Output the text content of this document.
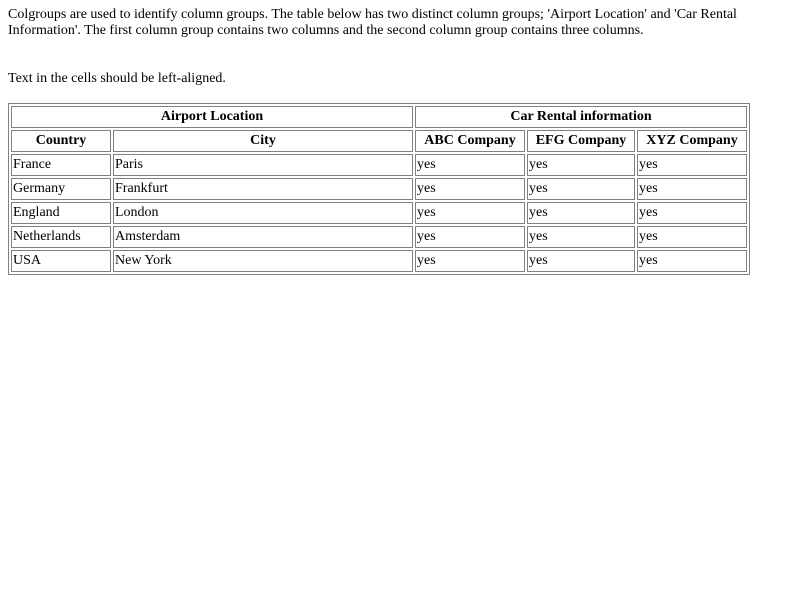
Colgroups are used to identify column groups. The table below has two distinct column groups; 'Airport Location' and 'Car Rental Information'. The first column group contains two columns and the second column group contains three columns.

Text in the cells should be left-aligned.

Airport Location		Car Rental information		
Country	City	ABC Company	EFG Company	XYZ Company
France	Paris	yes	yes	yes
Germany	Frankfurt	yes	yes	yes
England	London	yes	yes	yes
Netherlands	Amsterdam	yes	yes	yes
USA	New York	yes	yes	yes
